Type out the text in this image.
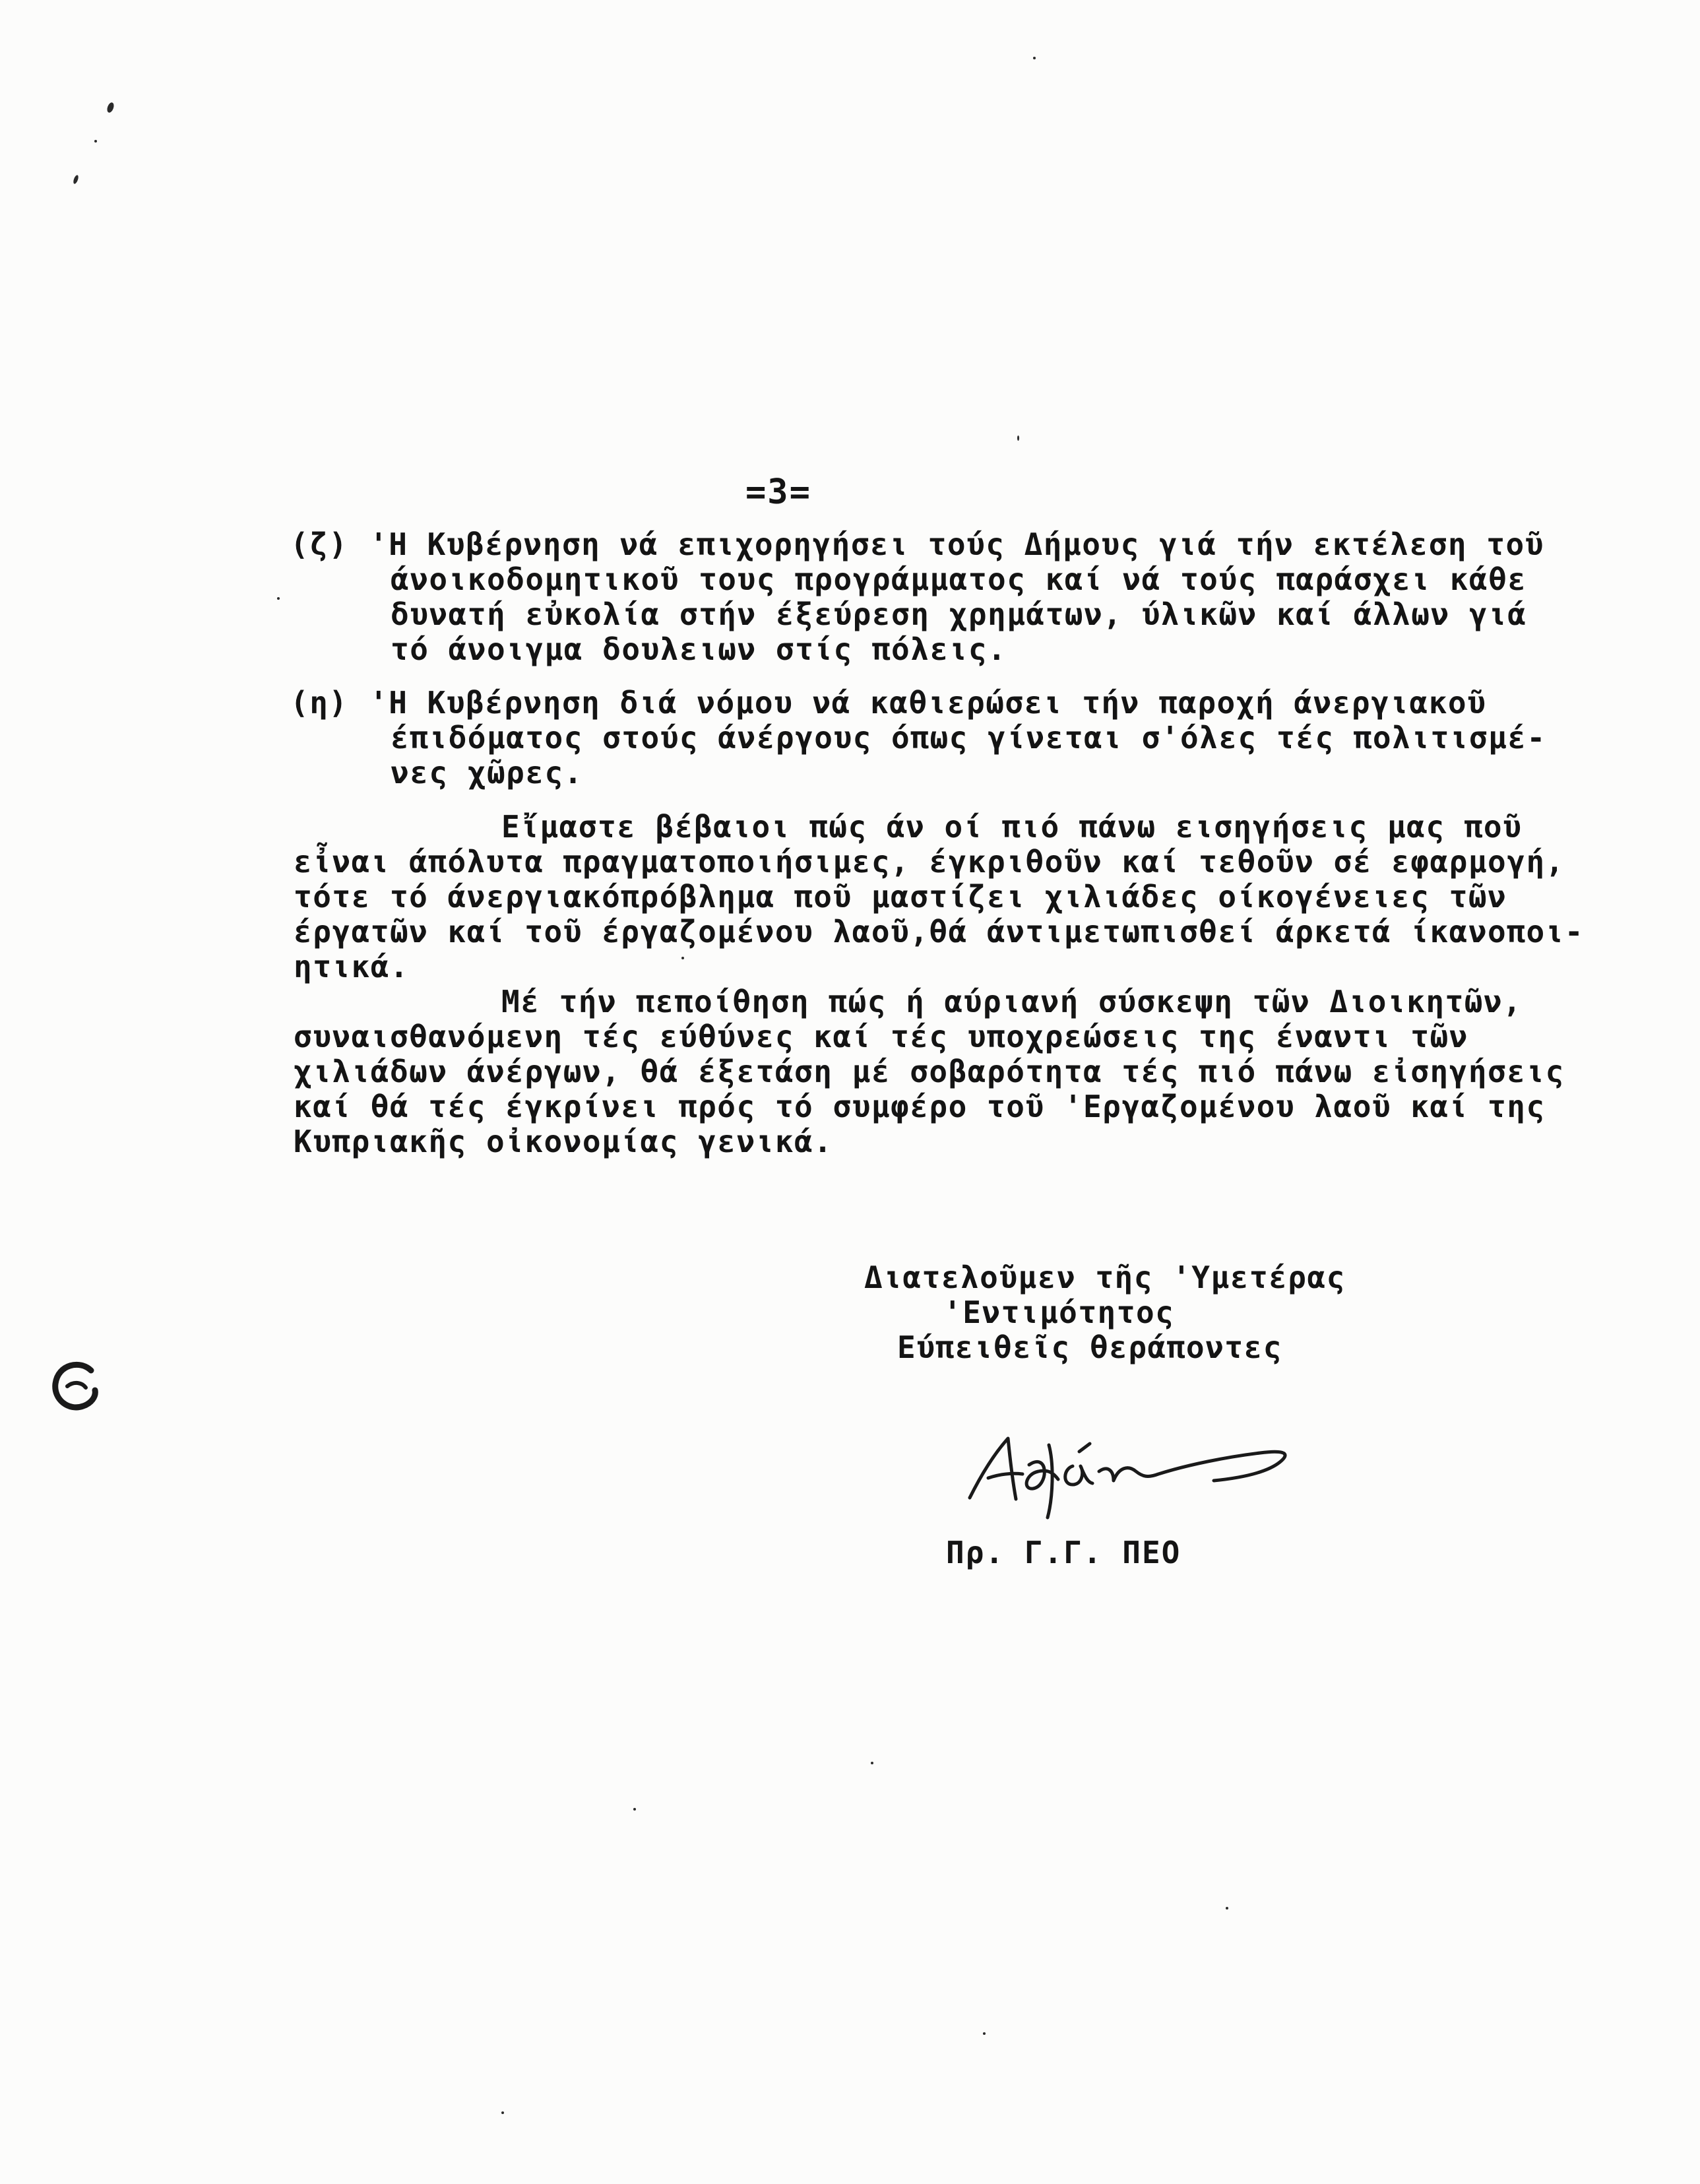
=3=
(ζ) 'Η Κυβέρνηση νά επιχορηγήσει τούς Δήμους γιά τήν εκτέλεση τοῦ
άνοικοδομητικοῦ τους προγράμματος καί νά τούς παράσχει κάθε
δυνατή εὐκολία στήν έξεύρεση χρημάτων, ύλικῶν καί άλλων γιά
τό άνοιγμα δουλειων στίς πόλεις.
(η) 'Η Κυβέρνηση διά νόμου νά καθιερώσει τήν παροχή άνεργιακοῦ
έπιδόματος στούς άνέργους όπως γίνεται σ'όλες τές πολιτισμέ-
νες χῶρες.
Εἴμαστε βέβαιοι πώς άν οί πιό πάνω εισηγήσεις μας ποῦ
εἶναι άπόλυτα πραγματοποιήσιμες, έγκριθοῦν καί τεθοῦν σέ εφαρμογή,
τότε τό άνεργιακόπρόβλημα ποῦ μαστίζει χιλιάδες οίκογένειες τῶν
έργατῶν καί τοῦ έργαζομένου λαοῦ,θά άντιμετωπισθεί άρκετά ίκανοποι-
ητικά.
Μέ τήν πεποίθηση πώς ή αύριανή σύσκεψη τῶν Διοικητῶν,
συναισθανόμενη τές εύθύνες καί τές υποχρεώσεις της έναντι τῶν
χιλιάδων άνέργων, θά έξετάση μέ σοβαρότητα τές πιό πάνω εἰσηγήσεις
καί θά τές έγκρίνει πρός τό συμφέρο τοῦ 'Εργαζομένου λαοῦ καί της
Κυπριακῆς οἰκονομίας γενικά.
Διατελοῦμεν τῆς 'Υμετέρας
'Εντιμότητος
Εύπειθεῖς θεράποντες
Πρ. Γ.Γ. ΠΕΟ
